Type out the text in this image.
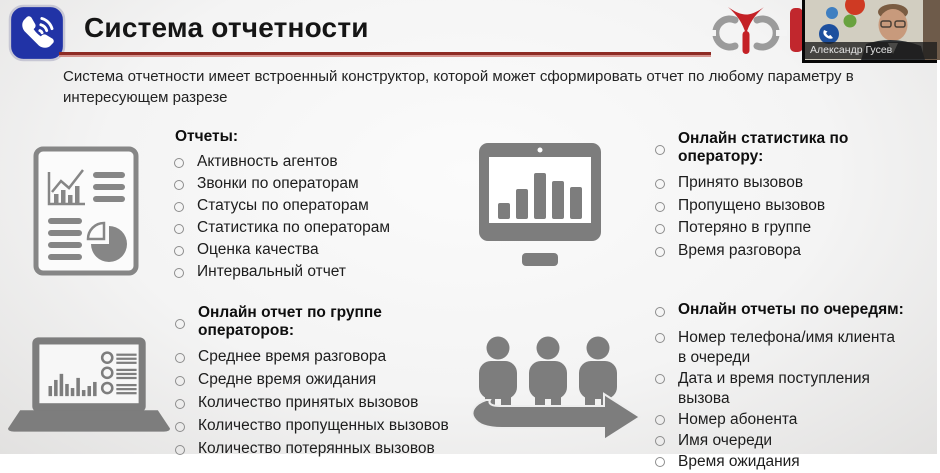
Система отчетности
Александр Гусев

Система отчетности имеет встроенный конструктор, которой может сформировать отчет по любому параметру в интересующем разрезе

Отчеты:
Активность агентов
Звонки по операторам
Статусы по операторам
Статистика по операторам
Оценка качества
Интервальный отчет
Онлайн статистика по оператору:
Принято вызовов
Пропущено вызовов
Потеряно в группе
Время разговора
Онлайн отчет по группе операторов:
Среднее время разговора
Средне время ожидания
Количество принятых вызовов
Количество пропущенных вызовов
Количество потерянных вызовов
Онлайн отчеты по очередям:
Номер телефона/имя клиента в очереди
Дата и время поступления вызова
Номер абонента
Имя очереди
Время ожидания
